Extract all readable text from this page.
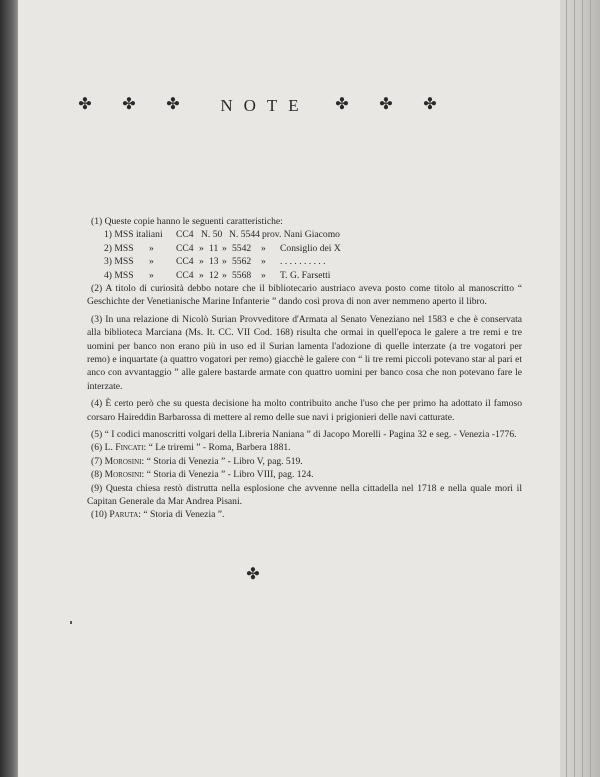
✤ ✤ ✤	NOTE	✤ ✤ ✤

(1) Queste copie hanno le seguenti caratteristiche:

1) MSS italiani CC4 N. 50 N. 5544 prov. Nani Giacomo
2) MSS » CC4 » 11 » 5542 » Consiglio dei X
3) MSS » CC4 » 13 » 5562 » . . . . . . . . . .
4) MSS » CC4 » 12 » 5568 » T. G. Farsetti

(2) A titolo di curiosità debbo notare che il bibliotecario austriaco aveva posto come titolo al manoscritto “ Geschichte der Venetianische Marine Infanterie ” dando così prova di non aver nemmeno aperto il libro.

(3) In una relazione di Nicolò Surian Provveditore d'Armata al Senato Veneziano nel 1583 e che è conservata alla biblioteca Marciana (Ms. It. CC. VII Cod. 168) risulta che ormai in quell'epoca le galere a tre remi e tre uomini per banco non erano più in uso ed il Surian lamenta l'adozione di quelle interzate (a tre vogatori per remo) e inquartate (a quattro vogatori per remo) giacchè le galere con “ li tre remi piccoli potevano star al pari et anco con avvantaggio ” alle galere bastarde armate con quattro uomini per banco cosa che non potevano fare le interzate.

(4) È certo però che su questa decisione ha molto contribuito anche l'uso che per primo ha adottato il famoso corsaro Haireddin Barbarossa di mettere al remo delle sue navi i prigionieri delle navi catturate.

(5) “ I codici manoscritti volgari della Libreria Naniana ” di Jacopo Morelli - Pagina 32 e seg. - Venezia -1776.

(6) L. Fincati: “ Le triremi ” - Roma, Barbera 1881.

(7) Morosini: “ Storia di Venezia ” - Libro V, pag. 519.

(8) Morosini: “ Storia di Venezia ” - Libro VIII, pag. 124.

(9) Questa chiesa restò distrutta nella esplosione che avvenne nella cittadella nel 1718 e nella quale morì il Capitan Generale da Mar Andrea Pisani.

(10) Paruta: “ Storia di Venezia ”.

✤
